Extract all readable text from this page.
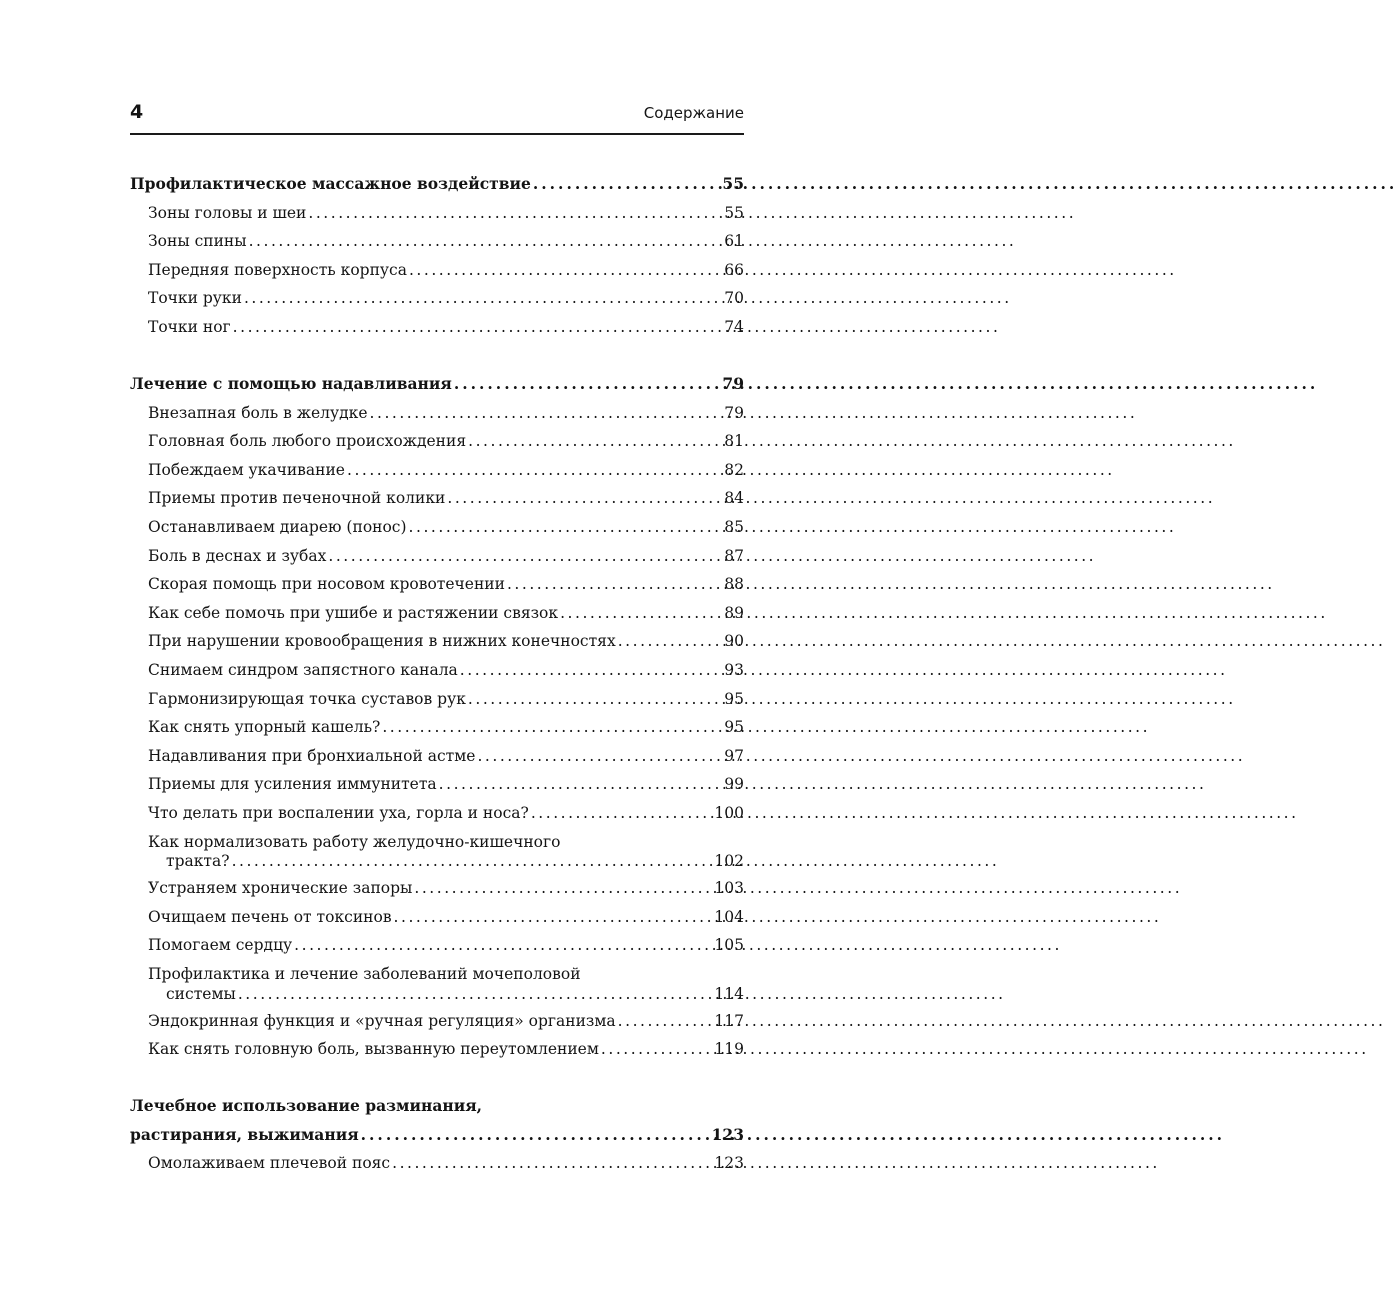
4	Содержание
Профилактическое массажное воздействие . . .	55
Зоны головы и шеи . . .	55
Зоны спины . . .	61
Передняя поверхность корпуса . . .	66
Точки руки . . .	70
Точки ног . . .	74
Лечение с помощью надавливания . . .	79
Внезапная боль в желудке . . .	79
Головная боль любого происхождения . . .	81
Побеждаем укачивание . . .	82
Приемы против печеночной колики . . .	84
Останавливаем диарею (понос) . . .	85
Боль в деснах и зубах . . .	87
Скорая помощь при носовом кровотечении . . .	88
Как себе помочь при ушибе и растяжении связок . . .	89
При нарушении кровообращения в нижних конечностях . . .	90
Снимаем синдром запястного канала . . .	93
Гармонизирующая точка суставов рук . . .	95
Как снять упорный кашель? . . .	95
Надавливания при бронхиальной астме . . .	97
Приемы для усиления иммунитета . . .	99
Что делать при воспалении уха, горла и носа? . . .	100
Как нормализовать работу желудочно-кишечного
тракта? . . .	102
Устраняем хронические запоры . . .	103
Очищаем печень от токсинов . . .	104
Помогаем сердцу . . .	105
Профилактика и лечение заболеваний мочеполовой
системы . . .	114
Эндокринная функция и «ручная регуляция» организма . . .	117
Как снять головную боль, вызванную переутомлением . . .	119
Лечебное использование разминания,
растирания, выжимания . . .	123
Омолаживаем плечевой пояс . . .	123
